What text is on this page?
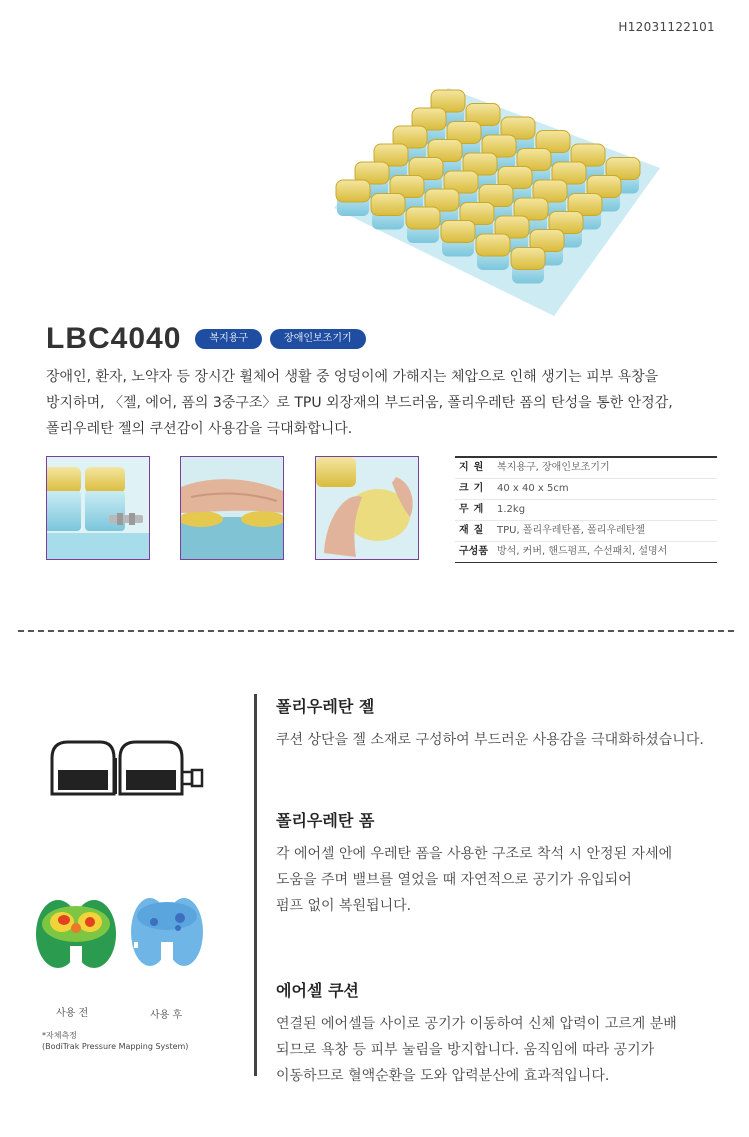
H12031122101
LBC4040	복지용구	장애인보조기기

장애인, 환자, 노약자 등 장시간 휠체어 생활 중 엉덩이에 가해지는 체압으로 인해 생기는 피부 욕창을

방지하며, 〈젤, 에어, 폼의 3중구조〉로 TPU 외장재의 부드러움, 폴리우레탄 폼의 탄성을 통한 안정감,

폴리우레탄 젤의 쿠션감이 사용감을 극대화합니다.

지원 복지용구, 장애인보조기기
크기 40 x 40 x 5cm
무게 1.2kg
재질 TPU, 폴리우레탄폼, 폴리우레탄젤
구성품 방석, 커버, 핸드펌프, 수선패치, 설명서
사용 전	사용 후
*자체측정
(BodiTrak Pressure Mapping System)
폴리우레탄 젤

쿠션 상단을 젤 소재로 구성하여 부드러운 사용감을 극대화하셨습니다.

폴리우레탄 폼

각 에어셀 안에 우레탄 폼을 사용한 구조로 착석 시 안정된 자세에

도움을 주며 밸브를 열었을 때 자연적으로 공기가 유입되어

펌프 없이 복원됩니다.

에어셀 쿠션

연결된 에어셀들 사이로 공기가 이동하여 신체 압력이 고르게 분배

되므로 욕창 등 피부 눌림을 방지합니다. 움직임에 따라 공기가

이동하므로 혈액순환을 도와 압력분산에 효과적입니다.
